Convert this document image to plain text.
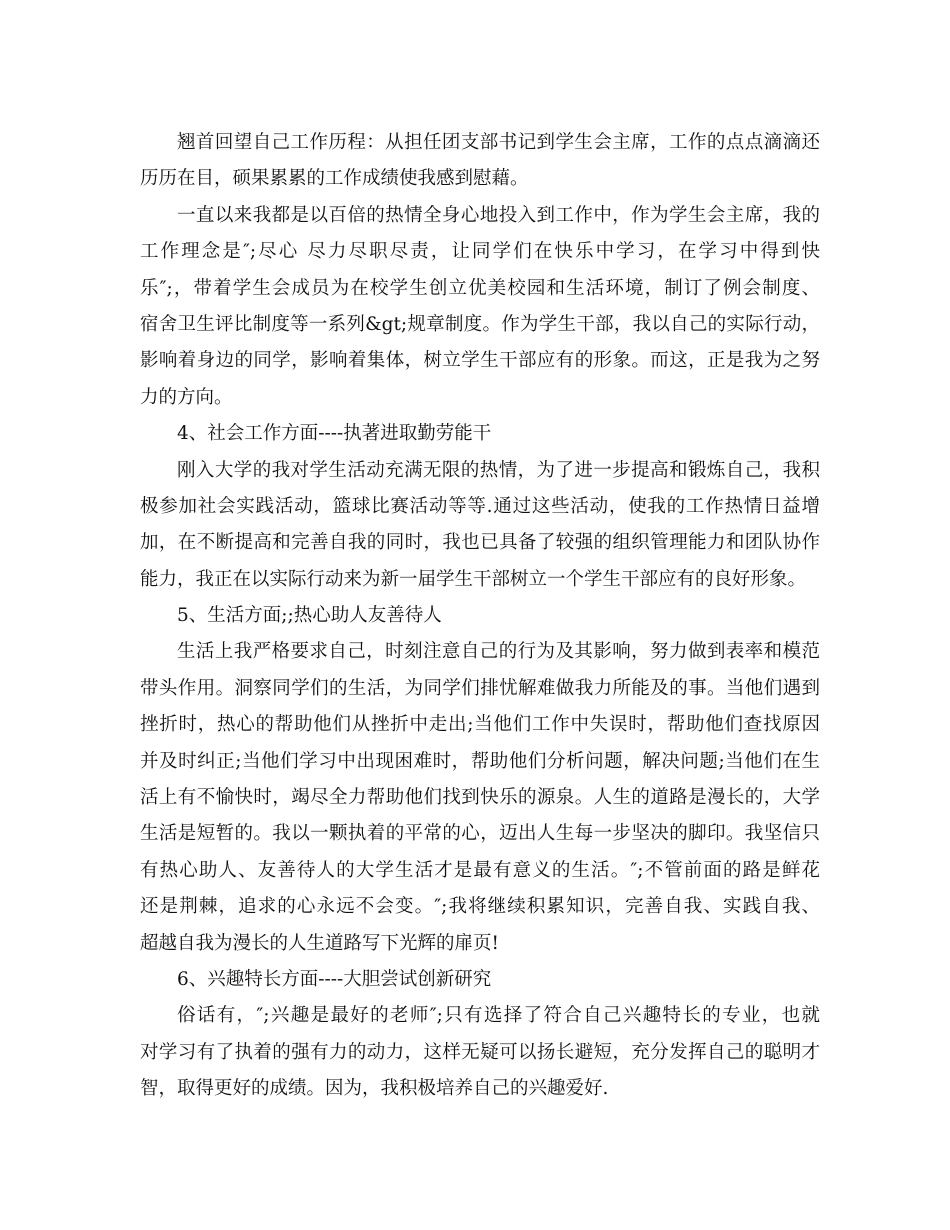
翘首回望自己工作历程：从担任团支部书记到学生会主席，工作的点点滴滴还
历历在目，硕果累累的工作成绩使我感到慰藉。
一直以来我都是以百倍的热情全身心地投入到工作中，作为学生会主席，我的
工作理念是″;尽心 尽力尽职尽责，让同学们在快乐中学习，在学习中得到快
乐″;，带着学生会成员为在校学生创立优美校园和生活环境，制订了例会制度、
宿舍卫生评比制度等一系列&gt;规章制度。作为学生干部，我以自己的实际行动，
影响着身边的同学，影响着集体，树立学生干部应有的形象。而这，正是我为之努
力的方向。
4、社会工作方面----执著进取勤劳能干
刚入大学的我对学生活动充满无限的热情，为了进一步提高和锻炼自己，我积
极参加社会实践活动，篮球比赛活动等等.通过这些活动，使我的工作热情日益增
加，在不断提高和完善自我的同时，我也已具备了较强的组织管理能力和团队协作
能力，我正在以实际行动来为新一届学生干部树立一个学生干部应有的良好形象。
5、生活方面;;热心助人友善待人
生活上我严格要求自己，时刻注意自己的行为及其影响，努力做到表率和模范
带头作用。洞察同学们的生活，为同学们排忧解难做我力所能及的事。当他们遇到
挫折时，热心的帮助他们从挫折中走出;当他们工作中失误时，帮助他们查找原因
并及时纠正;当他们学习中出现困难时，帮助他们分析问题，解决问题;当他们在生
活上有不愉快时，竭尽全力帮助他们找到快乐的源泉。人生的道路是漫长的，大学
生活是短暂的。我以一颗执着的平常的心，迈出人生每一步坚决的脚印。我坚信只
有热心助人、友善待人的大学生活才是最有意义的生活。″;不管前面的路是鲜花
还是荆棘，追求的心永远不会变。″;我将继续积累知识，完善自我、实践自我、
超越自我为漫长的人生道路写下光辉的扉页!
6、兴趣特长方面----大胆尝试创新研究
俗话有，″;兴趣是最好的老师″;只有选择了符合自己兴趣特长的专业，也就
对学习有了执着的强有力的动力，这样无疑可以扬长避短，充分发挥自己的聪明才
智，取得更好的成绩。因为，我积极培养自己的兴趣爱好.
